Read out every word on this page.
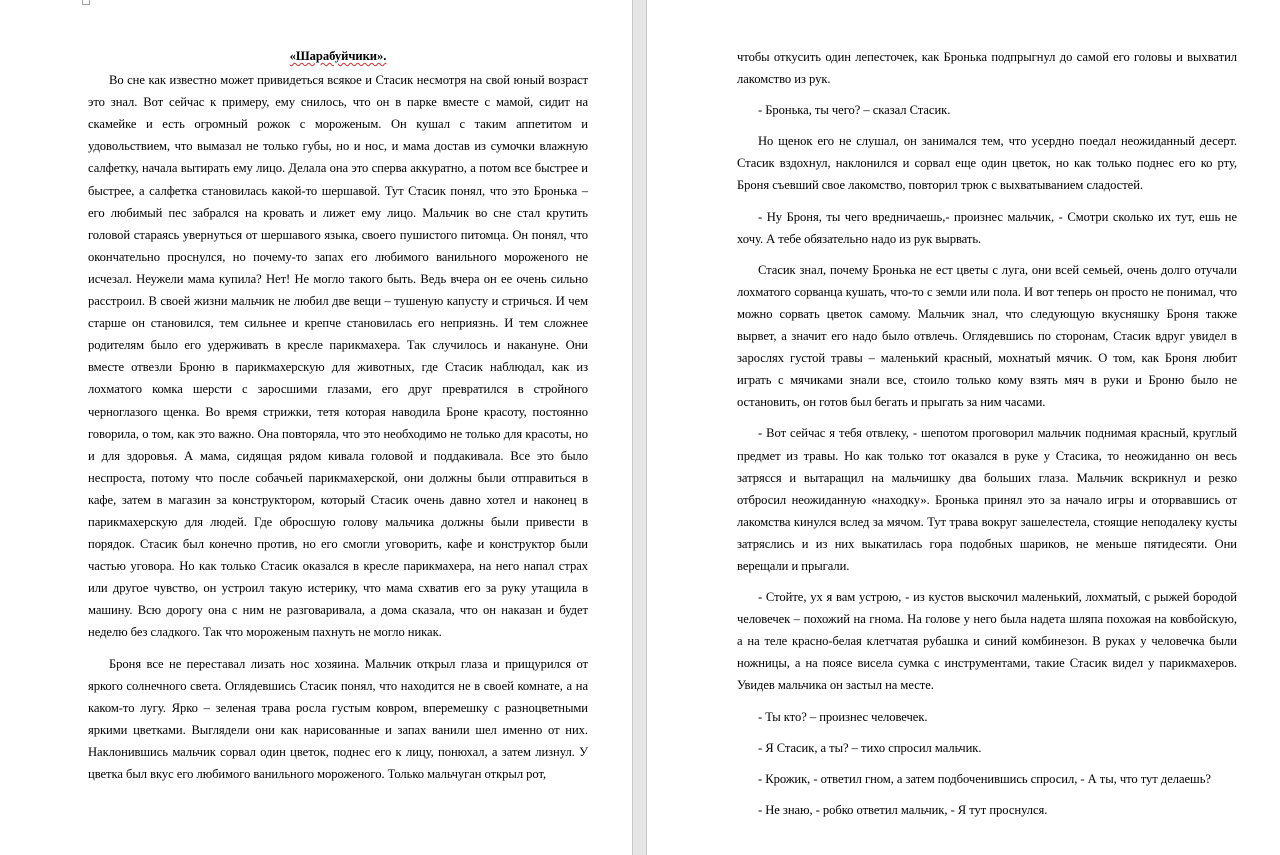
«Шарабуйчики».

Во сне как известно может привидеться всякое и Стасик несмотря на свой юный возраст это знал. Вот сейчас к примеру, ему снилось, что он в парке вместе с мамой, сидит на скамейке и есть огромный рожок с мороженым. Он кушал с таким аппетитом и удовольствием, что вымазал не только губы, но и нос, и мама достав из сумочки влажную салфетку, начала вытирать ему лицо. Делала она это сперва аккуратно, а потом все быстрее и быстрее, а салфетка становилась какой-то шершавой. Тут Стасик понял, что это Бронька – его любимый пес забрался на кровать и лижет ему лицо. Мальчик во сне стал крутить головой стараясь увернуться от шершавого языка, своего пушистого питомца. Он понял, что окончательно проснулся, но почему-то запах его любимого ванильного мороженого не исчезал. Неужели мама купила? Нет! Не могло такого быть. Ведь вчера он ее очень сильно расстроил. В своей жизни мальчик не любил две вещи – тушеную капусту и стричься. И чем старше он становился, тем сильнее и крепче становилась его неприязнь. И тем сложнее родителям было его удерживать в кресле парикмахера. Так случилось и накануне. Они вместе отвезли Броню в парикмахерскую для животных, где Стасик наблюдал, как из лохматого комка шерсти с заросшими глазами, его друг превратился в стройного черноглазого щенка. Во время стрижки, тетя которая наводила Броне красоту, постоянно говорила, о том, как это важно. Она повторяла, что это необходимо не только для красоты, но и для здоровья. А мама, сидящая рядом кивала головой и поддакивала. Все это было неспроста, потому что после собачьей парикмахерской, они должны были отправиться в кафе, затем в магазин за конструктором, который Стасик очень давно хотел и наконец в парикмахерскую для людей. Где обросшую голову мальчика должны были привести в порядок. Стасик был конечно против, но его смогли уговорить, кафе и конструктор были частью уговора. Но как только Стасик оказался в кресле парикмахера, на него напал страх или другое чувство, он устроил такую истерику, что мама схватив его за руку утащила в машину. Всю дорогу она с ним не разговаривала, а дома сказала, что он наказан и будет неделю без сладкого. Так что мороженым пахнуть не могло никак.

Броня все не переставал лизать нос хозяина. Мальчик открыл глаза и прищурился от яркого солнечного света. Оглядевшись Стасик понял, что находится не в своей комнате, а на каком-то лугу. Ярко – зеленая трава росла густым ковром, вперемешку с разноцветными яркими цветками. Выглядели они как нарисованные и запах ванили шел именно от них. Наклонившись мальчик сорвал один цветок, поднес его к лицу, понюхал, а затем лизнул. У цветка был вкус его любимого ванильного мороженого. Только мальчуган открыл рот,

чтобы откусить один лепесточек, как Бронька подпрыгнул до самой его головы и выхватил лакомство из рук.

- Бронька, ты чего? – сказал Стасик.

Но щенок его не слушал, он занимался тем, что усердно поедал неожиданный десерт. Стасик вздохнул, наклонился и сорвал еще один цветок, но как только поднес его ко рту, Броня съевший свое лакомство, повторил трюк с выхватыванием сладостей.

- Ну Броня, ты чего вредничаешь,- произнес мальчик, - Смотри сколько их тут, ешь не хочу. А тебе обязательно надо из рук вырвать.

Стасик знал, почему Бронька не ест цветы с луга, они всей семьей, очень долго отучали лохматого сорванца кушать, что-то с земли или пола. И вот теперь он просто не понимал, что можно сорвать цветок самому. Мальчик знал, что следующую вкусняшку Броня также вырвет, а значит его надо было отвлечь. Оглядевшись по сторонам, Стасик вдруг увидел в зарослях густой травы – маленький красный, мохнатый мячик. О том, как Броня любит играть с мячиками знали все, стоило только кому взять мяч в руки и Броню было не остановить, он готов был бегать и прыгать за ним часами.

- Вот сейчас я тебя отвлеку, - шепотом проговорил мальчик поднимая красный, круглый предмет из травы. Но как только тот оказался в руке у Стасика, то неожиданно он весь затрясся и вытаращил на мальчишку два больших глаза. Мальчик вскрикнул и резко отбросил неожиданную «находку». Бронька принял это за начало игры и оторвавшись от лакомства кинулся вслед за мячом. Тут трава вокруг зашелестела, стоящие неподалеку кусты затряслись и из них выкатилась гора подобных шариков, не меньше пятидесяти. Они верещали и прыгали.

- Стойте, ух я вам устрою, - из кустов выскочил маленький, лохматый, с рыжей бородой человечек – похожий на гнома. На голове у него была надета шляпа похожая на ковбойскую, а на теле красно-белая клетчатая рубашка и синий комбинезон. В руках у человечка были ножницы, а на поясе висела сумка с инструментами, такие Стасик видел у парикмахеров. Увидев мальчика он застыл на месте.

- Ты кто? – произнес человечек.

- Я Стасик, а ты? – тихо спросил мальчик.

- Крожик, - ответил гном, а затем подбоченившись спросил, - А ты, что тут делаешь?

- Не знаю, - робко ответил мальчик, - Я тут проснулся.
